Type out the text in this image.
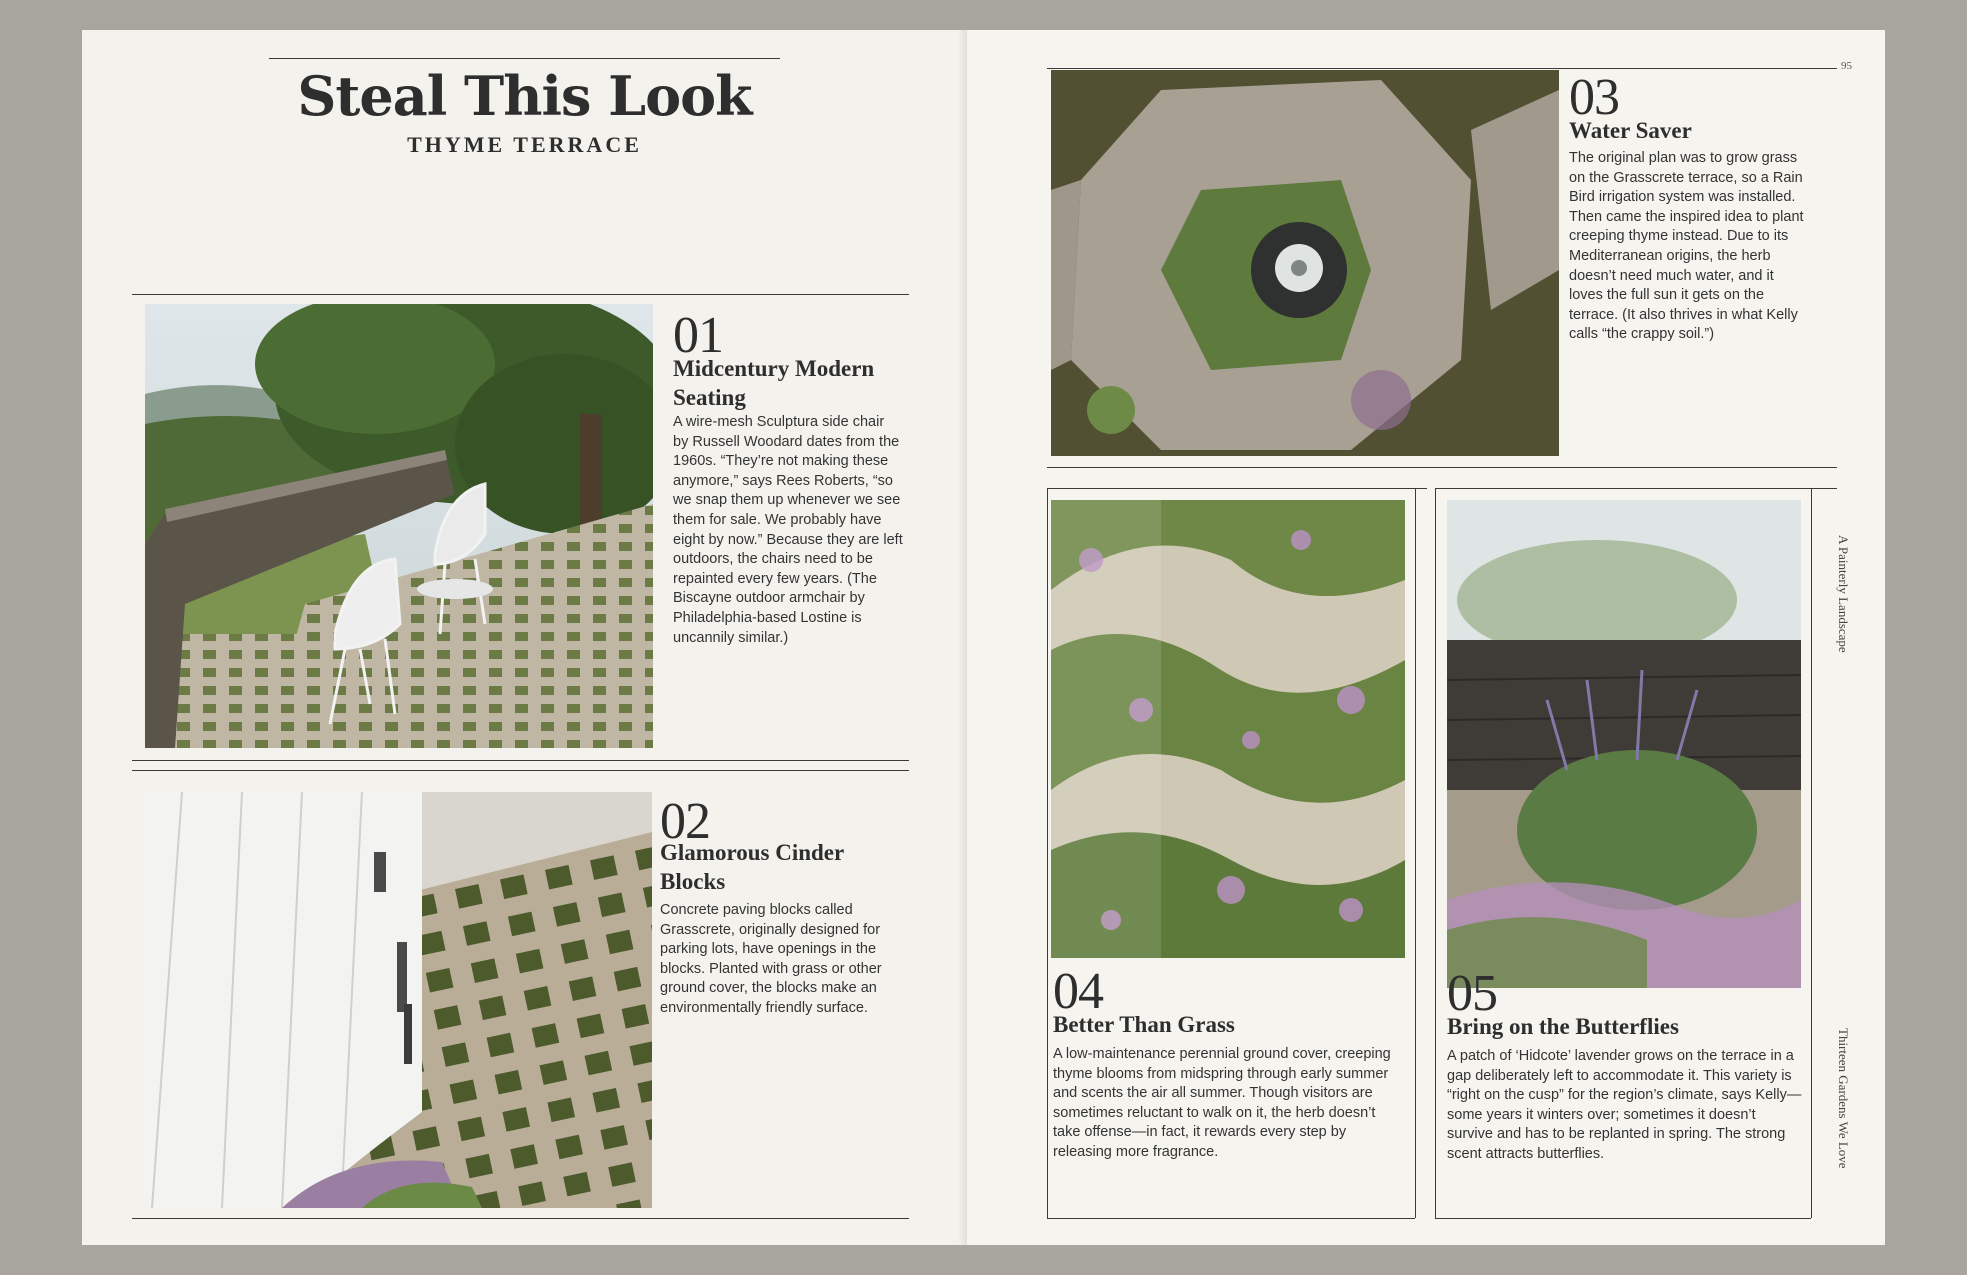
Steal This Look
THYME TERRACE
01
Midcentury Modern Seating
A wire-mesh Sculptura side chair by Russell Woodard dates from the 1960s. “They’re not making these anymore,” says Rees Roberts, “so we snap them up whenever we see them for sale. We probably have eight by now.” Because they are left outdoors, the chairs need to be repainted every few years. (The Biscayne outdoor armchair by Philadelphia-based Lostine is uncannily similar.)
02
Glamorous Cinder Blocks
Concrete paving blocks called Grasscrete, originally designed for parking lots, have openings in the blocks. Planted with grass or other ground cover, the blocks make an environmentally friendly surface.
95
03
Water Saver
The original plan was to grow grass on the Grasscrete terrace, so a Rain Bird irrigation system was installed. Then came the inspired idea to plant creeping thyme instead. Due to its Mediterranean origins, the herb doesn’t need much water, and it loves the full sun it gets on the terrace. (It also thrives in what Kelly calls “the crappy soil.”)
04
Better Than Grass
A low-maintenance perennial ground cover, creeping thyme blooms from midspring through early summer and scents the air all summer. Though visitors are sometimes reluctant to walk on it, the herb doesn’t take offense—in fact, it rewards every step by releasing more fragrance.
05
Bring on the Butterflies
A patch of ‘Hidcote’ lavender grows on the terrace in a gap deliberately left to accommodate it. This variety is “right on the cusp” for the region’s climate, says Kelly—some years it winters over; sometimes it doesn’t survive and has to be replanted in spring. The strong scent attracts butterflies.
A Painterly Landscape
Thirteen Gardens We Love
